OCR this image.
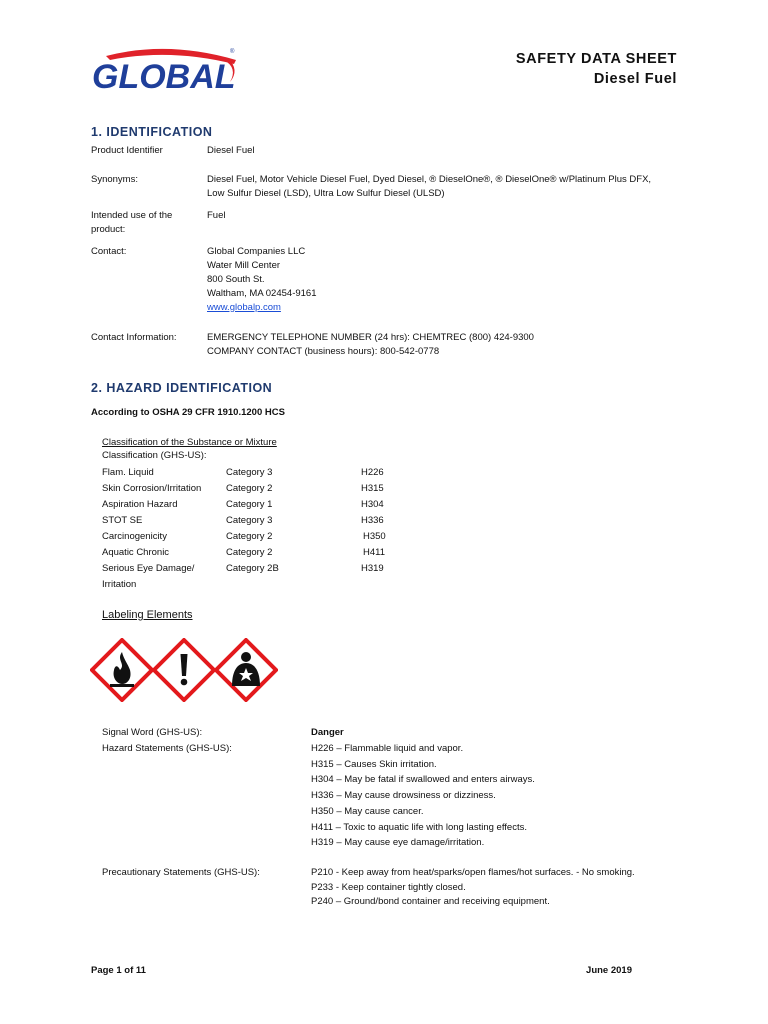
GLOBAL
®	SAFETY DATA SHEET
Diesel Fuel
1. IDENTIFICATION
Product Identifier	Diesel Fuel
Synonyms:	Diesel Fuel, Motor Vehicle Diesel Fuel, Dyed Diesel, ® DieselOne®, ® DieselOne® w/Platinum Plus DFX,
Low Sulfur Diesel (LSD), Ultra Low Sulfur Diesel (ULSD)
Intended use of the
product:
Fuel
Contact:	Global Companies LLC
Water Mill Center
800 South St.
Waltham, MA 02454-9161
www.globalp.com
Contact Information:	EMERGENCY TELEPHONE NUMBER (24 hrs): CHEMTREC (800) 424-9300
COMPANY CONTACT (business hours): 800-542-0778
2. HAZARD IDENTIFICATION
According to OSHA 29 CFR 1910.1200 HCS
Classification of the Substance or Mixture
Classification (GHS-US):
Flam. Liquid	Category 3	H226
Skin Corrosion/Irritation	Category 2	H315
Aspiration Hazard	Category 1	H304
STOT SE	Category 3	H336
Carcinogenicity	Category 2	H350
Aquatic Chronic	Category 2	H411
Serious Eye Damage/	Category 2B	H319
Irritation
Labeling Elements
Signal Word (GHS-US):	Danger
Hazard Statements (GHS-US):	H226 – Flammable liquid and vapor.
H315 – Causes Skin irritation.
H304 – May be fatal if swallowed and enters airways.
H336 – May cause drowsiness or dizziness.
H350 – May cause cancer.
H411 – Toxic to aquatic life with long lasting effects.
H319 – May cause eye damage/irritation.
Precautionary Statements (GHS-US):	P210 - Keep away from heat/sparks/open flames/hot surfaces. - No smoking.
P233 - Keep container tightly closed.
P240 – Ground/bond container and receiving equipment.
Page 1 of 11	June 2019
